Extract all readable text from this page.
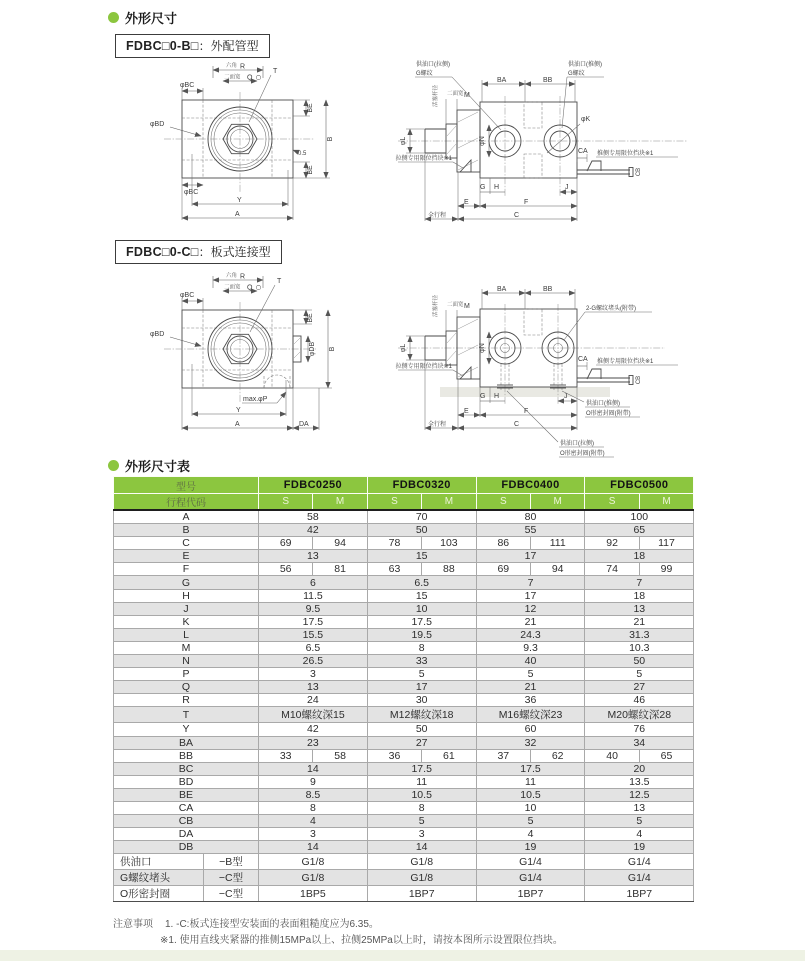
外形尺寸
FDBC□0-B□：外配管型
六角 R
二面宽 Q
T
φBC
φBD
BE
B
0.5
BE
φBC
Y
A
BA	BB
供油口(拉侧)
G螺纹
供油口(推侧)
G螺纹
φK
活塞杆径 二面宽 M
φL	φN
CA
CB
推侧专用限位挡块※1
拉侧专用限位挡块※1
G H	J
E	F
全行程	C
FDBC□0-C□：板式连接型
六角 R
二面宽 Q
T
φBC
φBD
BE
φDB B
max.φP
Y
A	DA
BA	BB
2-G螺纹堵头(附带)
活塞杆径 二面宽 M
φL	φN
CA
CB
推侧专用限位挡块※1
拉侧专用限位挡块※1
G H	J
E	F
全行程	C
供油口(推侧)
O形密封圈(附带)
供油口(拉侧)
O形密封圈(附带)
外形尺寸表
型号		FDBC0250		FDBC0320		FDBC0400		FDBC0500	
行程代码		S	M	S	M	S	M	S	M
A		58		70		80		100	
B		42		50		55		65	
C		69	94	78	103	86	111	92	117
E		13		15		17		18	
F		56	81	63	88	69	94	74	99
G		6		6.5		7		7	
H		11.5		15		17		18	
J		9.5		10		12		13	
K		17.5		17.5		21		21	
L		15.5		19.5		24.3		31.3	
M		6.5		8		9.3		10.3	
N		26.5		33		40		50	
P		3		5		5		5	
Q		13		17		21		27	
R		24		30		36		46	
T		M10螺纹深15		M12螺纹深18		M16螺纹深23		M20螺纹深28	
Y		42		50		60		76	
BA		23		27		32		34	
BB		33	58	36	61	37	62	40	65
BC		14		17.5		17.5		20	
BD		9		11		11		13.5	
BE		8.5		10.5		10.5		12.5	
CA		8		8		10		13	
CB		4		5		5		5	
DA		3		3		4		4	
DB		14		14		19		19	
供油口	−B型	G1/8		G1/8		G1/4		G1/4	
G螺纹堵头	−C型	G1/8		G1/8		G1/4		G1/4	
O形密封圈	−C型	1BP5		1BP7		1BP7		1BP7	
注意事项 1. -C:板式连接型安装面的表面粗糙度应为6.35。
※1. 使用直线夹紧器的推侧15MPa以上、拉侧25MPa以上时，请按本图所示设置限位挡块。
